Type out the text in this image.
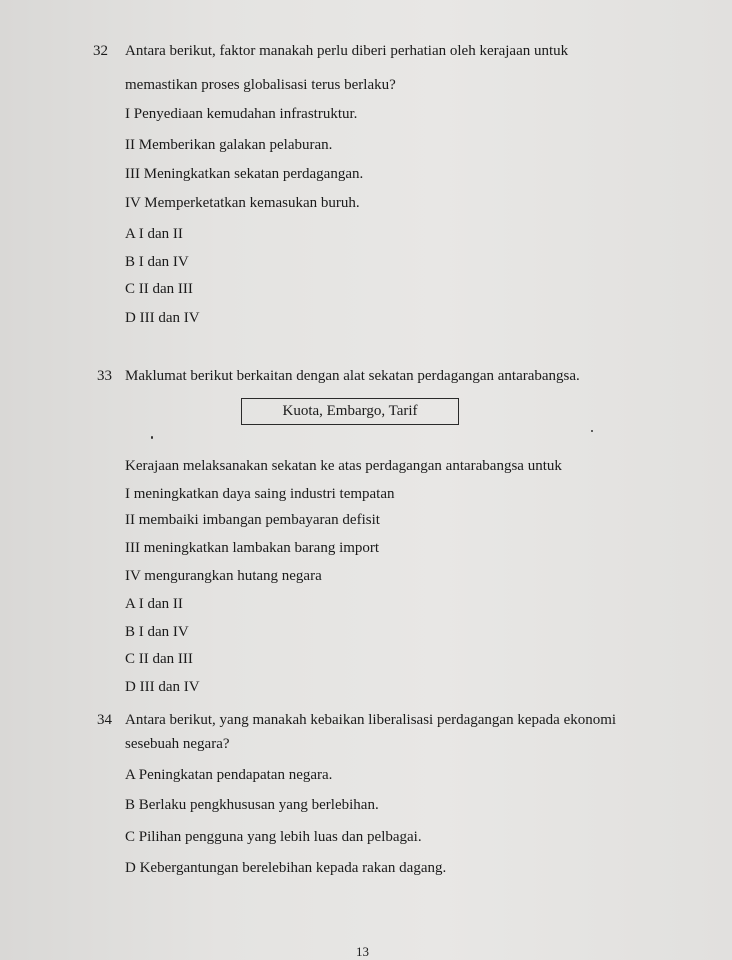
32 Antara berikut, faktor manakah perlu diberi perhatian oleh kerajaan untuk
memastikan proses globalisasi terus berlaku?
I Penyediaan kemudahan infrastruktur.
II Memberikan galakan pelaburan.
III Meningkatkan sekatan perdagangan.
IV Memperketatkan kemasukan buruh.
A I dan II
B I dan IV
C II dan III
D III dan IV
33 Maklumat berikut berkaitan dengan alat sekatan perdagangan antarabangsa.
Kuota, Embargo, Tarif
Kerajaan melaksanakan sekatan ke atas perdagangan antarabangsa untuk
I meningkatkan daya saing industri tempatan
II membaiki imbangan pembayaran defisit
III meningkatkan lambakan barang import
IV mengurangkan hutang negara
A I dan II
B I dan IV
C II dan III
D III dan IV
34 Antara berikut, yang manakah kebaikan liberalisasi perdagangan kepada ekonomi
sesebuah negara?
A Peningkatan pendapatan negara.
B Berlaku pengkhususan yang berlebihan.
C Pilihan pengguna yang lebih luas dan pelbagai.
D Kebergantungan berelebihan kepada rakan dagang.
13
